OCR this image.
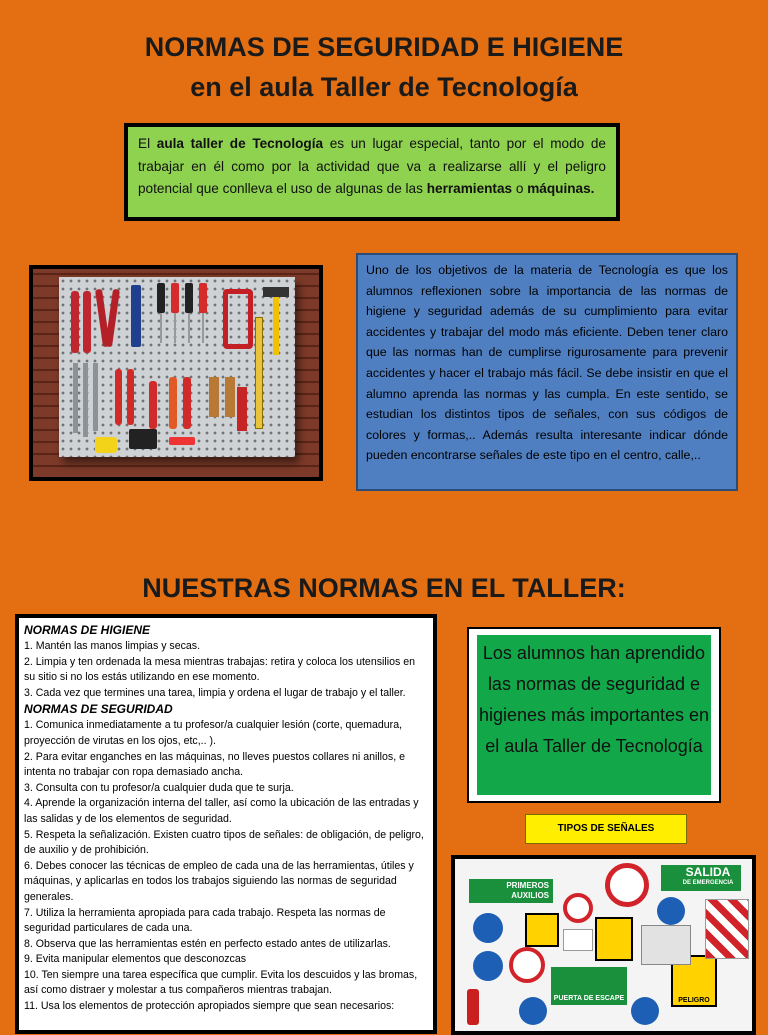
NORMAS DE SEGURIDAD E HIGIENE
en el aula Taller de Tecnología
El aula taller de Tecnología es un lugar especial, tanto por el modo de trabajar en él como por la actividad que va a realizarse allí y el peligro potencial que conlleva el uso de algunas de las herramientas o máquinas.
Uno de los objetivos de la materia de Tecnología es que los alumnos reflexionen sobre la importancia de las normas de higiene y seguridad además de su cumplimiento para evitar accidentes y trabajar del modo más eficiente. Deben tener claro que las normas han de cumplirse rigurosamente para prevenir accidentes y hacer el trabajo más fácil. Se debe insistir en que el alumno aprenda las normas y las cumpla. En este sentido, se estudian los distintos tipos de señales, con sus códigos de colores y formas,.. Además resulta interesante indicar dónde pueden encontrarse señales de este tipo en el centro, calle,..
NUESTRAS NORMAS EN EL TALLER:

NORMAS DE HIGIENE

1. Mantén las manos limpias y secas.

2. Limpia y ten ordenada la mesa mientras trabajas: retira y coloca los utensilios en su sitio si no los estás utilizando en ese momento.

3. Cada vez que termines una tarea, limpia y ordena el lugar de trabajo y el taller.

NORMAS DE SEGURIDAD

1. Comunica inmediatamente a tu profesor/a cualquier lesión (corte, quemadura, proyección de virutas en los ojos, etc,.. ).

2. Para evitar enganches en las máquinas, no lleves puestos collares ni anillos, e intenta no trabajar con ropa demasiado ancha.

3. Consulta con tu profesor/a cualquier duda que te surja.

4. Aprende la organización interna del taller, así como la ubicación de las entradas y las salidas y de los elementos de seguridad.

5. Respeta la señalización. Existen cuatro tipos de señales: de obligación, de peligro, de auxilio y de prohibición.

6. Debes conocer las técnicas de empleo de cada una de las herramientas, útiles y máquinas, y aplicarlas en todos los trabajos siguiendo las normas de seguridad generales.

7. Utiliza la herramienta apropiada para cada trabajo. Respeta las normas de seguridad particulares de cada una.

8. Observa que las herramientas estén en perfecto estado antes de utilizarlas.

9. Evita manipular elementos que desconozcas

10. Ten siempre una tarea específica que cumplir. Evita los descuidos y las bromas, así como distraer y molestar a tus compañeros mientras trabajan.

11. Usa los elementos de protección apropiados siempre que sean necesarios:

Los alumnos han aprendido las normas de seguridad e higienes más importantes en el aula Taller de Tecnología
TIPOS DE SEÑALES
PRIMEROS
AUXILIOS
PELIGRO
SALIDA
DE EMERGENCIA
PUERTA DE ESCAPE
